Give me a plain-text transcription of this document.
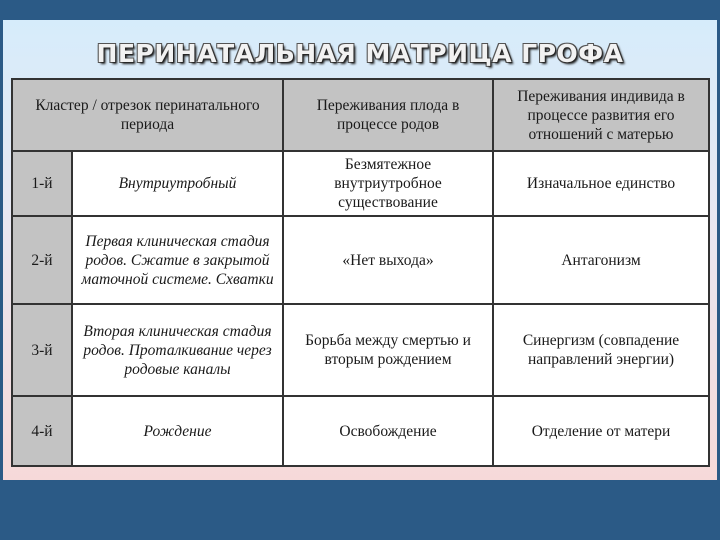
ПЕРИНАТАЛЬНАЯ МАТРИЦА ГРОФА
Кластер / отрезок перинатального периода		Переживания плода в процессе родов	Переживания индивида в процессе развития его отношений с матерью
1-й	Внутриутробный	Безмятежное внутриутробное существование	Изначальное единство
2-й	Первая клиническая стадия родов. Сжатие в закрытой маточной системе. Схватки	«Нет выхода»	Антагонизм
3-й	Вторая клиническая стадия родов. Проталкивание через родовые каналы	Борьба между смертью и вторым рождением	Синергизм (совпадение направлений энергии)
4-й	Рождение	Освобождение	Отделение от матери
